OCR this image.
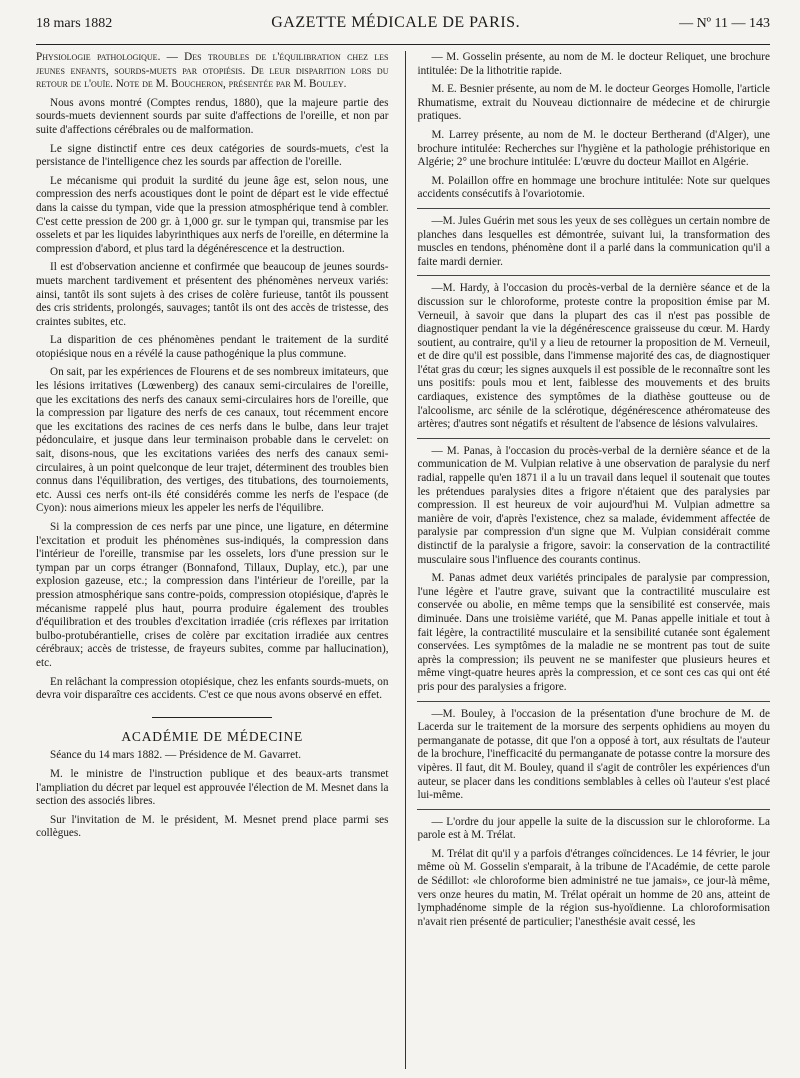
18 mars 1882	GAZETTE MÉDICALE DE PARIS.	— Nº 11 — 143

Physiologie pathologique. — Des troubles de l'équilibration chez les jeunes enfants, sourds-muets par otopiésis. De leur disparition lors du retour de l'ouïe. Note de M. Boucheron, présentée par M. Bouley.

Nous avons montré (Comptes rendus, 1880), que la majeure partie des sourds-muets deviennent sourds par suite d'affections de l'oreille, et non par suite d'affections cérébrales ou de malformation.

Le signe distinctif entre ces deux catégories de sourds-muets, c'est la persistance de l'intelligence chez les sourds par affection de l'oreille.

Le mécanisme qui produit la surdité du jeune âge est, selon nous, une compression des nerfs acoustiques dont le point de départ est le vide effectué dans la caisse du tympan, vide que la pression atmosphérique tend à combler. C'est cette pression de 200 gr. à 1,000 gr. sur le tympan qui, transmise par les osselets et par les liquides labyrinthiques aux nerfs de l'oreille, en détermine la compression d'abord, et plus tard la dégénérescence et la destruction.

Il est d'observation ancienne et confirmée que beaucoup de jeunes sourds-muets marchent tardivement et présentent des phénomènes nerveux variés: ainsi, tantôt ils sont sujets à des crises de colère furieuse, tantôt ils poussent des cris stridents, prolongés, sauvages; tantôt ils ont des accès de tristesse, des craintes subites, etc.

La disparition de ces phénomènes pendant le traitement de la surdité otopiésique nous en a révélé la cause pathogénique la plus commune.

On sait, par les expériences de Flourens et de ses nombreux imitateurs, que les lésions irritatives (Lœwenberg) des canaux semi-circulaires de l'oreille, que les excitations des nerfs des canaux semi-circulaires hors de l'oreille, que la compression par ligature des nerfs de ces canaux, tout récemment encore que les excitations des racines de ces nerfs dans le bulbe, dans leur trajet pédonculaire, et jusque dans leur terminaison probable dans le cervelet: on sait, disons-nous, que les excitations variées des nerfs des canaux semi-circulaires, à un point quelconque de leur trajet, déterminent des troubles bien connus dans l'équilibration, des vertiges, des titubations, des tournoiements, etc. Aussi ces nerfs ont-ils été considérés comme les nerfs de l'espace (de Cyon): nous aimerions mieux les appeler les nerfs de l'équilibre.

Si la compression de ces nerfs par une pince, une ligature, en détermine l'excitation et produit les phénomènes sus-indiqués, la compression dans l'intérieur de l'oreille, transmise par les osselets, lors d'une pression sur le tympan par un corps étranger (Bonnafond, Tillaux, Duplay, etc.), par une explosion gazeuse, etc.; la compression dans l'intérieur de l'oreille, par la pression atmosphérique sans contre-poids, compression otopiésique, d'après le mécanisme rappelé plus haut, pourra produire également des troubles d'équilibration et des troubles d'excitation irradiée (cris réflexes par irritation bulbo-protubérantielle, crises de colère par excitation irradiée aux centres cérébraux; accès de tristesse, de frayeurs subites, comme par hallucination), etc.

En relâchant la compression otopiésique, chez les enfants sourds-muets, on devra voir disparaître ces accidents. C'est ce que nous avons observé en effet.

ACADÉMIE DE MÉDECINE

Séance du 14 mars 1882. — Présidence de M. Gavarret.

M. le ministre de l'instruction publique et des beaux-arts transmet l'ampliation du décret par lequel est approuvée l'élection de M. Mesnet dans la section des associés libres.

Sur l'invitation de M. le président, M. Mesnet prend place parmi ses collègues.

— M. Gosselin présente, au nom de M. le docteur Reliquet, une brochure intitulée: De la lithotritie rapide.

M. E. Besnier présente, au nom de M. le docteur Georges Homolle, l'article Rhumatisme, extrait du Nouveau dictionnaire de médecine et de chirurgie pratiques.

M. Larrey présente, au nom de M. le docteur Bertherand (d'Alger), une brochure intitulée: Recherches sur l'hygiène et la pathologie préhistorique en Algérie; 2° une brochure intitulée: L'œuvre du docteur Maillot en Algérie.

M. Polaillon offre en hommage une brochure intitulée: Note sur quelques accidents consécutifs à l'ovariotomie.

—M. Jules Guérin met sous les yeux de ses collègues un certain nombre de planches dans lesquelles est démontrée, suivant lui, la transformation des muscles en tendons, phénomène dont il a parlé dans la communication qu'il a faite mardi dernier.

—M. Hardy, à l'occasion du procès-verbal de la dernière séance et de la discussion sur le chloroforme, proteste contre la proposition émise par M. Verneuil, à savoir que dans la plupart des cas il n'est pas possible de diagnostiquer pendant la vie la dégénérescence graisseuse du cœur. M. Hardy soutient, au contraire, qu'il y a lieu de retourner la proposition de M. Verneuil, et de dire qu'il est possible, dans l'immense majorité des cas, de diagnostiquer l'état gras du cœur; les signes auxquels il est possible de le reconnaître sont les uns positifs: pouls mou et lent, faiblesse des mouvements et des bruits cardiaques, existence des symptômes de la diathèse goutteuse ou de l'alcoolisme, arc sénile de la sclérotique, dégénérescence athéromateuse des artères; d'autres sont négatifs et résultent de l'absence de lésions valvulaires.

— M. Panas, à l'occasion du procès-verbal de la dernière séance et de la communication de M. Vulpian relative à une observation de paralysie du nerf radial, rappelle qu'en 1871 il a lu un travail dans lequel il soutenait que toutes les prétendues paralysies dites a frigore n'étaient que des paralysies par compression. Il est heureux de voir aujourd'hui M. Vulpian admettre sa manière de voir, d'après l'existence, chez sa malade, évidemment affectée de paralysie par compression d'un signe que M. Vulpian considérait comme distinctif de la paralysie a frigore, savoir: la conservation de la contractilité musculaire sous l'influence des courants continus.

M. Panas admet deux variétés principales de paralysie par compression, l'une légère et l'autre grave, suivant que la contractilité musculaire est conservée ou abolie, en même temps que la sensibilité est conservée, mais diminuée. Dans une troisième variété, que M. Panas appelle initiale et tout à fait légère, la contractilité musculaire et la sensibilité cutanée sont également conservées. Les symptômes de la maladie ne se montrent pas tout de suite après la compression; ils peuvent ne se manifester que plusieurs heures et même vingt-quatre heures après la compression, et ce sont ces cas qui ont été pris pour des paralysies a frigore.

—M. Bouley, à l'occasion de la présentation d'une brochure de M. de Lacerda sur le traitement de la morsure des serpents ophidiens au moyen du permanganate de potasse, dit que l'on a opposé à tort, aux résultats de l'auteur de la brochure, l'inefficacité du permanganate de potasse contre la morsure des vipères. Il faut, dit M. Bouley, quand il s'agit de contrôler les expériences d'un auteur, se placer dans les conditions semblables à celles où l'auteur s'est placé lui-même.

— L'ordre du jour appelle la suite de la discussion sur le chloroforme. La parole est à M. Trélat.

M. Trélat dit qu'il y a parfois d'étranges coïncidences. Le 14 février, le jour même où M. Gosselin s'emparait, à la tribune de l'Académie, de cette parole de Sédillot: «le chloroforme bien administré ne tue jamais», ce jour-là même, vers onze heures du matin, M. Trélat opérait un homme de 20 ans, atteint de lymphadénome simple de la région sus-hyoïdienne. La chloroformisation n'avait rien présenté de particulier; l'anesthésie avait cessé, les
